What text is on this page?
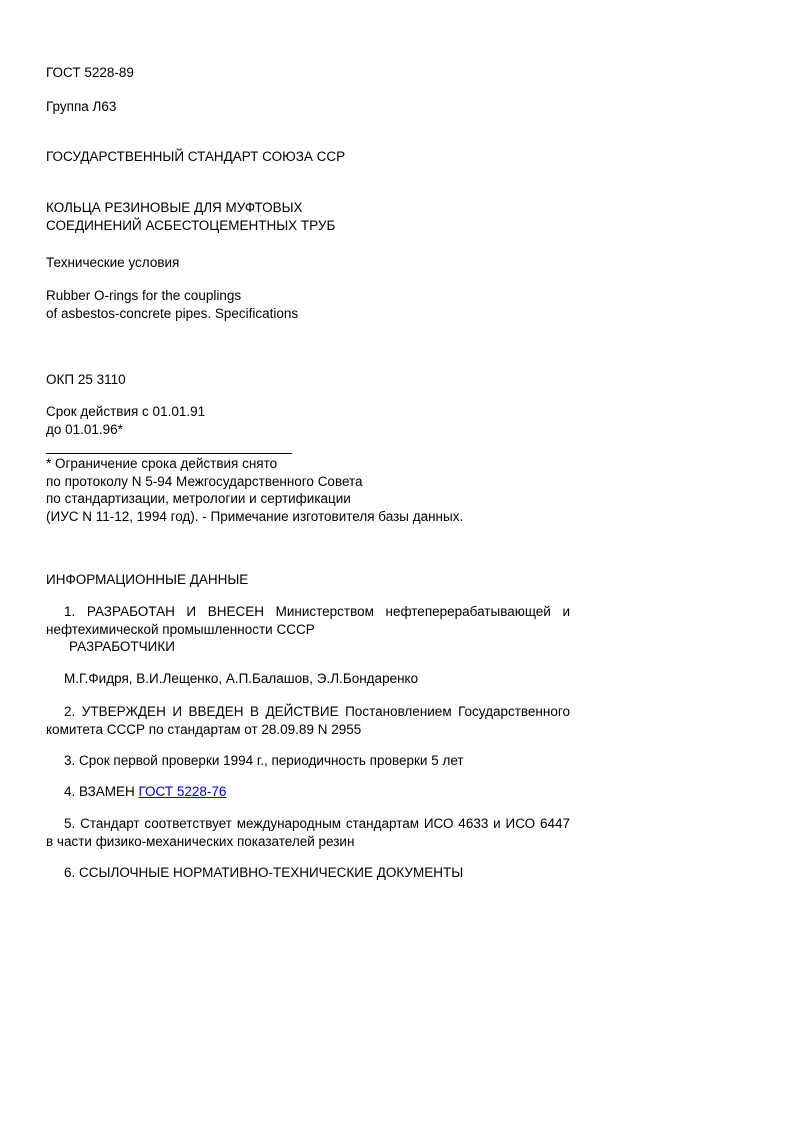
ГОСТ 5228-89

Группа Л63

ГОСУДАРСТВЕННЫЙ СТАНДАРТ СОЮЗА ССР

КОЛЬЦА РЕЗИНОВЫЕ ДЛЯ МУФТОВЫХ
СОЕДИНЕНИЙ АСБЕСТОЦЕМЕНТНЫХ ТРУБ

Технические условия

Rubber O-rings for the couplings
of asbestos-concrete pipes. Specifications

ОКП 25 3110

Срок действия с 01.01.91
до 01.01.96*

* Ограничение срока действия снято
по протоколу N 5-94 Межгосударственного Совета
по стандартизации, метрологии и сертификации
(ИУС N 11-12, 1994 год). - Примечание изготовителя базы данных.

ИНФОРМАЦИОННЫЕ ДАННЫЕ

1. РАЗРАБОТАН И ВНЕСЕН Министерством нефтеперерабатывающей и нефтехимической промышленности СССР

РАЗРАБОТЧИКИ

М.Г.Фидря, В.И.Лещенко, А.П.Балашов, Э.Л.Бондаренко

2. УТВЕРЖДЕН И ВВЕДЕН В ДЕЙСТВИЕ Постановлением Государственного комитета СССР по стандартам от 28.09.89 N 2955

3. Срок первой проверки 1994 г., периодичность проверки 5 лет

4. ВЗАМЕН ГОСТ 5228-76

5. Стандарт соответствует международным стандартам ИСО 4633 и ИСО 6447 в части физико-механических показателей резин

6. ССЫЛОЧНЫЕ НОРМАТИВНО-ТЕХНИЧЕСКИЕ ДОКУМЕНТЫ
